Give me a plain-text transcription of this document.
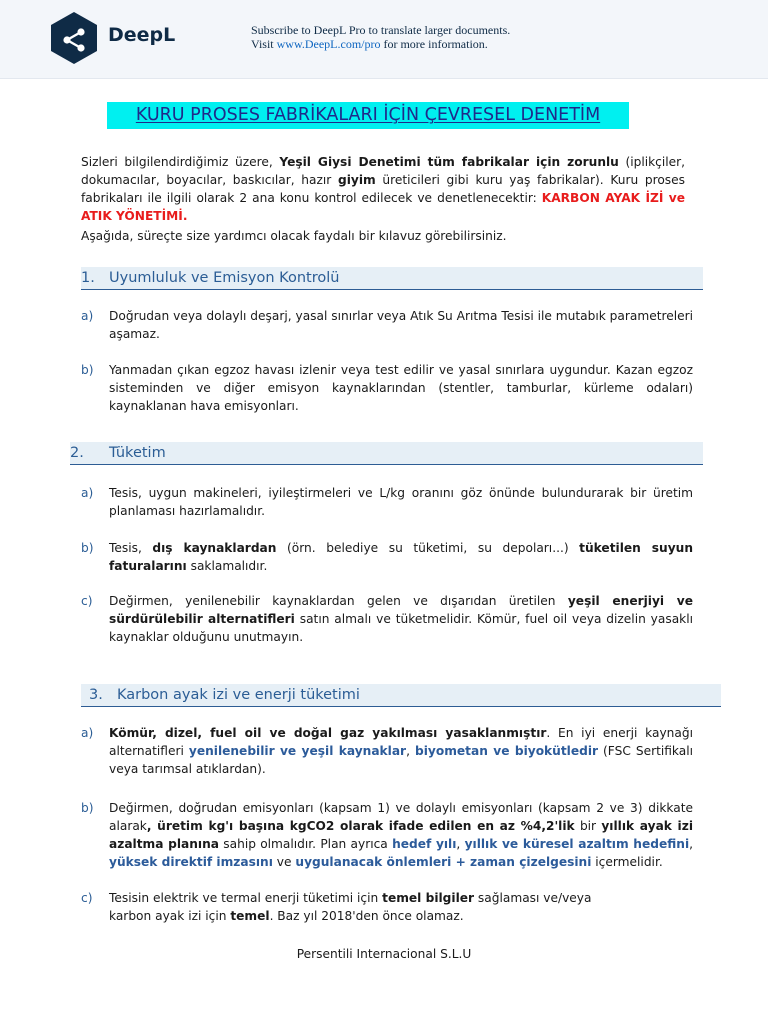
DeepL	Subscribe to DeepL Pro to translate larger documents.
Visit www.DeepL.com/pro for more information.
KURU PROSES FABRİKALARI İÇİN ÇEVRESEL DENETİM
Sizleri bilgilendirdiğimiz üzere, Yeşil Giysi Denetimi tüm fabrikalar için zorunlu (iplikçiler, dokumacılar, boyacılar, baskıcılar, hazır giyim üreticileri gibi kuru yaş fabrikalar). Kuru proses fabrikaları ile ilgili olarak 2 ana konu kontrol edilecek ve denetlenecektir: KARBON AYAK İZİ ve ATIK YÖNETİMİ.
Aşağıda, süreçte size yardımcı olacak faydalı bir kılavuz görebilirsiniz.
1. Uyumluluk ve Emisyon Kontrolü
a)	Doğrudan veya dolaylı deşarj, yasal sınırlar veya Atık Su Arıtma Tesisi ile mutabık parametreleri aşamaz.
b)	Yanmadan çıkan egzoz havası izlenir veya test edilir ve yasal sınırlara uygundur. Kazan egzoz sisteminden ve diğer emisyon kaynaklarından (stentler, tamburlar, kürleme odaları) kaynaklanan hava emisyonları.
2. Tüketim
a)	Tesis, uygun makineleri, iyileştirmeleri ve L/kg oranını göz önünde bulundurarak bir üretim planlaması hazırlamalıdır.
b)	Tesis, dış kaynaklardan (örn. belediye su tüketimi, su depoları...) tüketilen suyun faturalarını saklamalıdır.
c)	Değirmen, yenilenebilir kaynaklardan gelen ve dışarıdan üretilen yeşil enerjiyi ve sürdürülebilir alternatifleri satın almalı ve tüketmelidir. Kömür, fuel oil veya dizelin yasaklı kaynaklar olduğunu unutmayın.
3. Karbon ayak izi ve enerji tüketimi
a)	Kömür, dizel, fuel oil ve doğal gaz yakılması yasaklanmıştır. En iyi enerji kaynağı alternatifleri yenilenebilir ve yeşil kaynaklar, biyometan ve biyokütledir (FSC Sertifikalı veya tarımsal atıklardan).
b)	Değirmen, doğrudan emisyonları (kapsam 1) ve dolaylı emisyonları (kapsam 2 ve 3) dikkate alarak, üretim kg'ı başına kgCO2 olarak ifade edilen en az %4,2'lik bir yıllık ayak izi azaltma planına sahip olmalıdır. Plan ayrıca hedef yılı, yıllık ve küresel azaltım hedefini, yüksek direktif imzasını ve uygulanacak önlemleri + zaman çizelgesini içermelidir.
c)	Tesisin elektrik ve termal enerji tüketimi için temel bilgiler sağlaması ve/veya
karbon ayak izi için temel. Baz yıl 2018'den önce olamaz.
Persentili Internacional S.L.U
